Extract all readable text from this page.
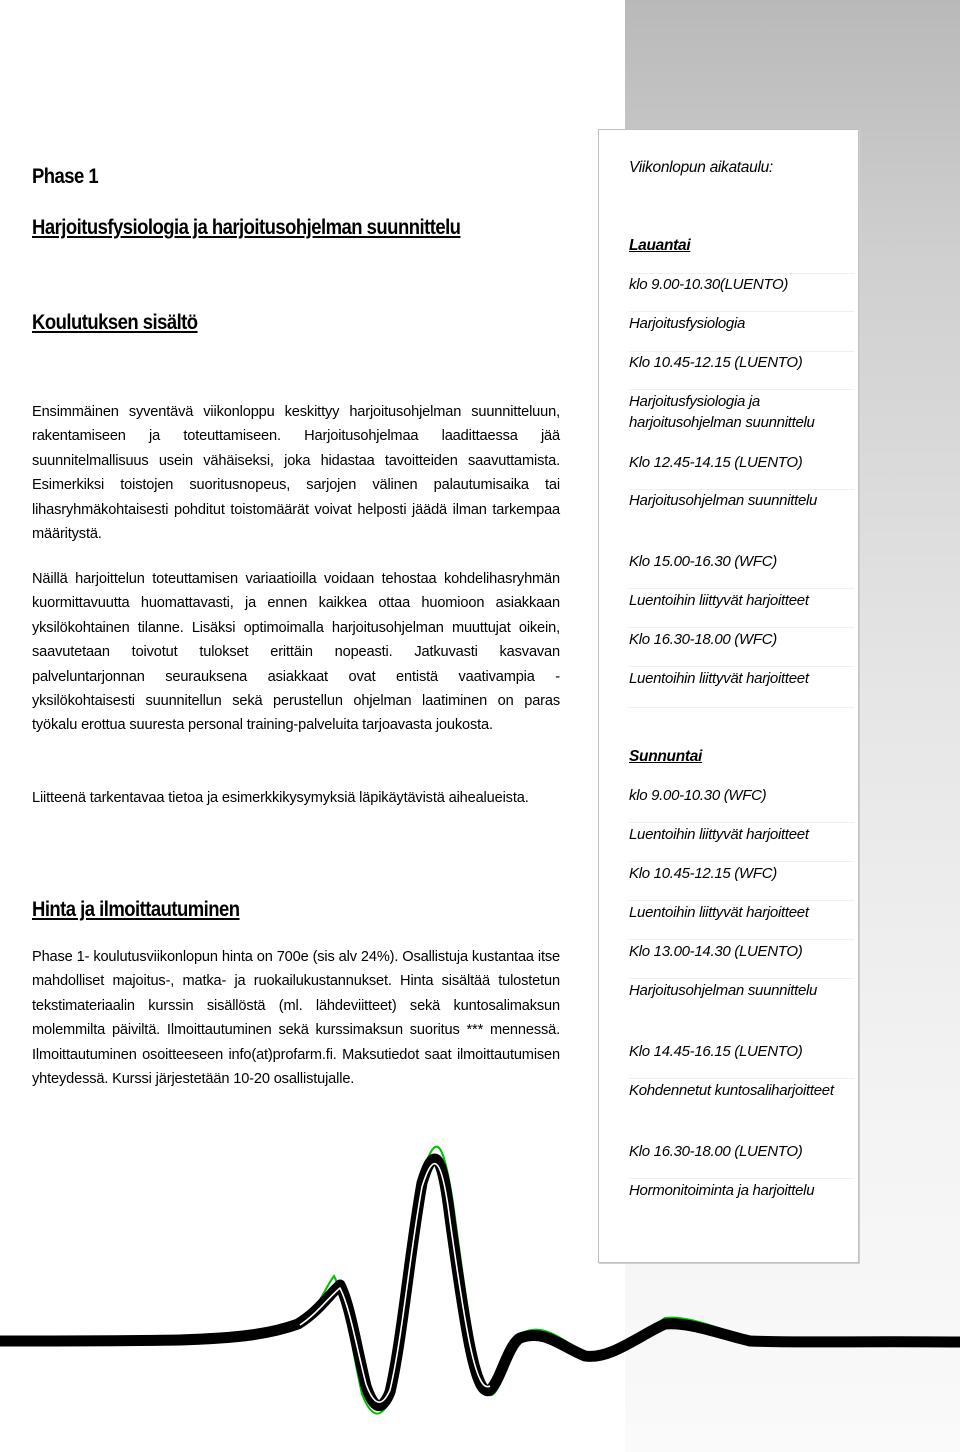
Phase 1
Harjoitusfysiologia ja harjoitusohjelman suunnittelu
Koulutuksen sisältö

Ensimmäinen syventävä viikonloppu keskittyy harjoitusohjelman suunnitteluun, rakentamiseen ja toteuttamiseen. Harjoitusohjelmaa laadittaessa jää suunnitelmallisuus usein vähäiseksi, joka hidastaa tavoitteiden saavuttamista. Esimerkiksi toistojen suoritusnopeus, sarjojen välinen palautumisaika tai lihasryhmäkohtaisesti pohditut toistomäärät voivat helposti jäädä ilman tarkempaa määritystä.

Näillä harjoittelun toteuttamisen variaatioilla voidaan tehostaa kohdelihasryhmän kuormittavuutta huomattavasti, ja ennen kaikkea ottaa huomioon asiakkaan yksilökohtainen tilanne. Lisäksi optimoimalla harjoitusohjelman muuttujat oikein, saavutetaan toivotut tulokset erittäin nopeasti. Jatkuvasti kasvavan palveluntarjonnan seurauksena asiakkaat ovat entistä vaativampia - yksilökohtaisesti suunnitellun sekä perustellun ohjelman laatiminen on paras työkalu erottua suuresta personal training-palveluita tarjoavasta joukosta.

Liitteenä tarkentavaa tietoa ja esimerkkikysymyksiä läpikäytävistä aihealueista.

Hinta ja ilmoittautuminen

Phase 1- koulutusviikonlopun hinta on 700e (sis alv 24%). Osallistuja kustantaa itse mahdolliset majoitus-, matka- ja ruokailukustannukset. Hinta sisältää tulostetun tekstimateriaalin kurssin sisällöstä (ml. lähdeviitteet) sekä kuntosalimaksun molemmilta päiviltä. Ilmoittautuminen sekä kurssimaksun suoritus *** mennessä. Ilmoittautuminen osoitteeseen info(at)profarm.fi. Maksutiedot saat ilmoittautumisen yhteydessä. Kurssi järjestetään 10-20 osallistujalle.

Viikonlopun aikataulu:

Lauantai

klo 9.00-10.30(LUENTO)

Harjoitusfysiologia

Klo 10.45-12.15 (LUENTO)

Harjoitusfysiologia ja harjoitusohjelman suunnittelu

Klo 12.45-14.15 (LUENTO)

Harjoitusohjelman suunnittelu

Klo 15.00-16.30 (WFC)

Luentoihin liittyvät harjoitteet

Klo 16.30-18.00 (WFC)

Luentoihin liittyvät harjoitteet

Sunnuntai

klo 9.00-10.30 (WFC)

Luentoihin liittyvät harjoitteet

Klo 10.45-12.15 (WFC)

Luentoihin liittyvät harjoitteet

Klo 13.00-14.30 (LUENTO)

Harjoitusohjelman suunnittelu

Klo 14.45-16.15 (LUENTO)

Kohdennetut kuntosaliharjoitteet

Klo 16.30-18.00 (LUENTO)

Hormonitoiminta ja harjoittelu
